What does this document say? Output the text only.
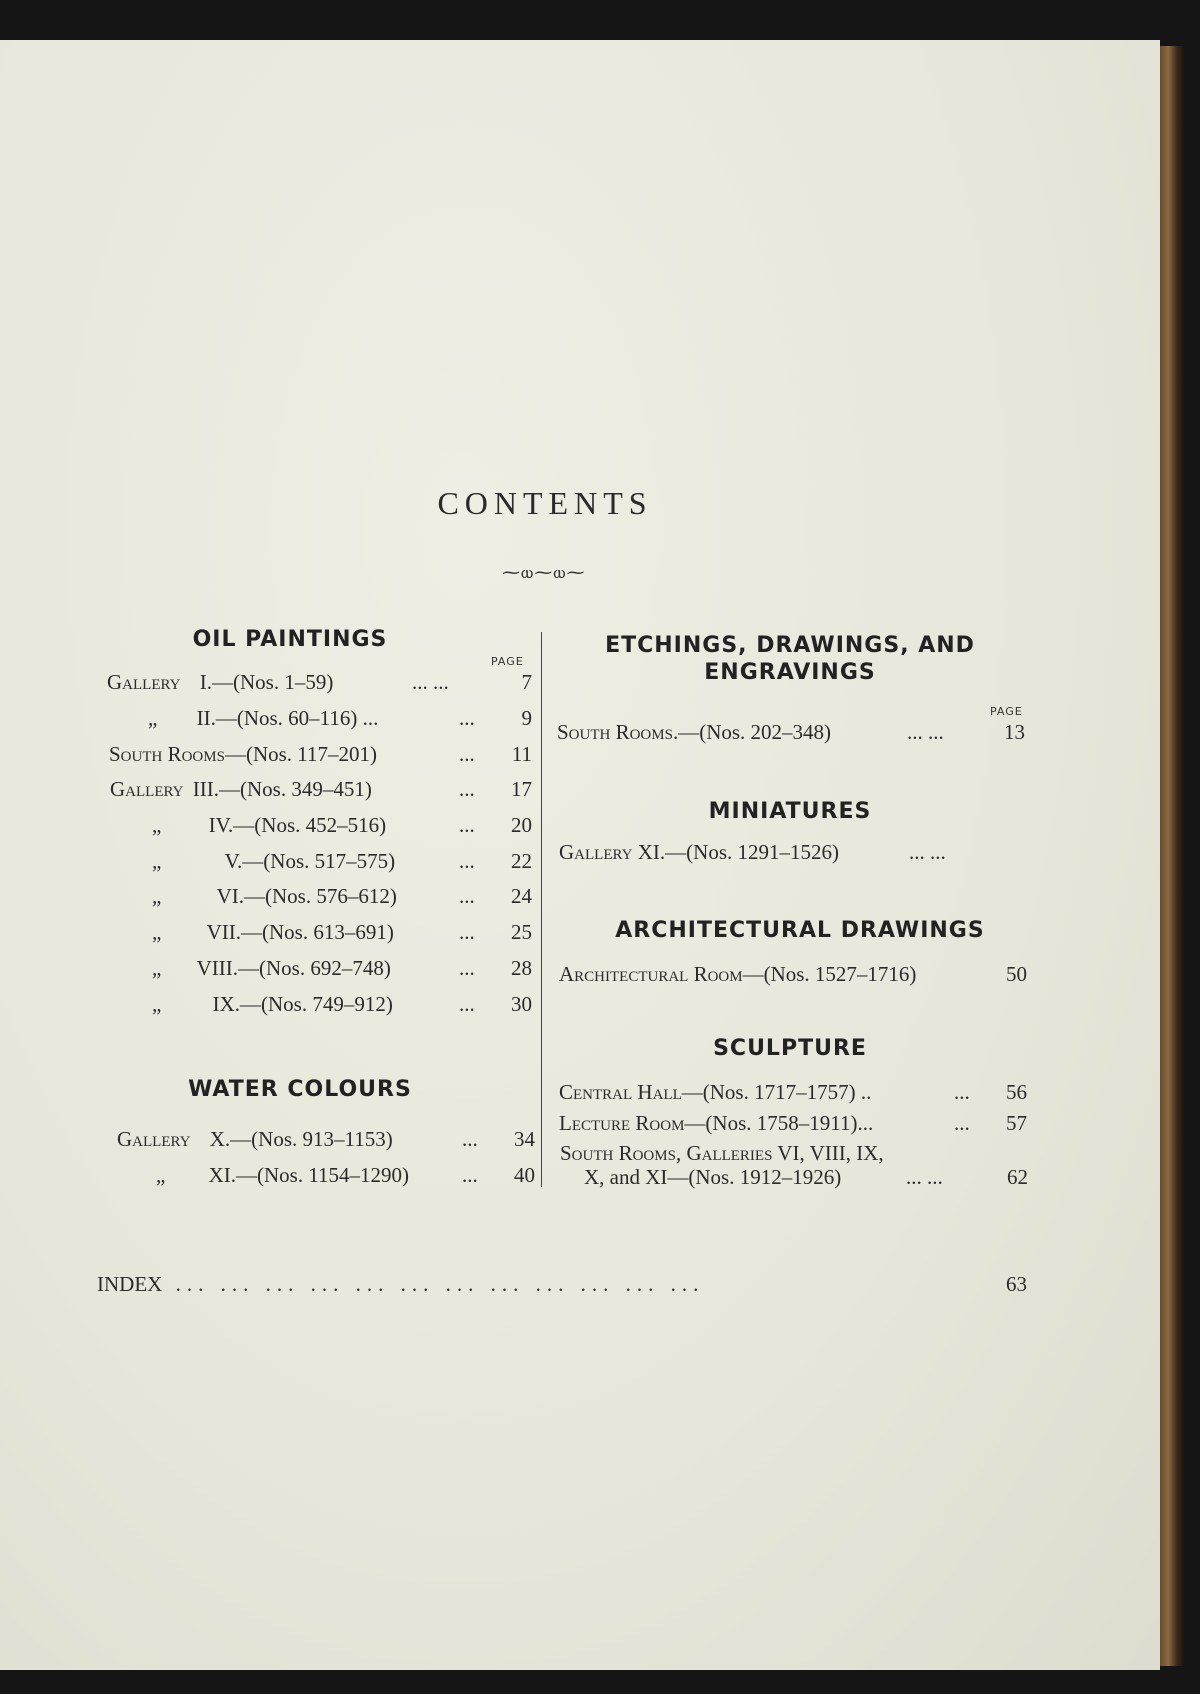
CONTENTS
⁓ⲱ⁓ⲱ⁓
OIL PAINTINGS
PAGE
Gallery I.—(Nos. 1–59)	... ...	7
„ II.—(Nos. 60–116) ...	...	9
South Rooms—(Nos. 117–201)	...	11
Gallery III.—(Nos. 349–451)	...	17
„ IV.—(Nos. 452–516)	...	20
„	V.—(Nos. 517–575)	...	22
„	VI.—(Nos. 576–612)	...	24
„ VII.—(Nos. 613–691)	...	25
„ VIII.—(Nos. 692–748)	...	28
„ IX.—(Nos. 749–912)	...	30
WATER COLOURS
Gallery X.—(Nos. 913–1153)	...	34
„ XI.—(Nos. 1154–1290)	...	40
ETCHINGS, DRAWINGS, AND
ENGRAVINGS
PAGE
South Rooms.—(Nos. 202–348)	... ...	13
MINIATURES
Gallery XI.—(Nos. 1291–1526)	... ...
ARCHITECTURAL DRAWINGS
Architectural Room—(Nos. 1527–1716)	50
SCULPTURE
Central Hall—(Nos. 1717–1757) ..	...	56
Lecture Room—(Nos. 1758–1911)...	...	57
South Rooms, Galleries VI, VIII, IX,
X, and XI—(Nos. 1912–1926)	... ...	62
INDEX ... ... ... ... ... ... ... ... ... ... ... ...	63
